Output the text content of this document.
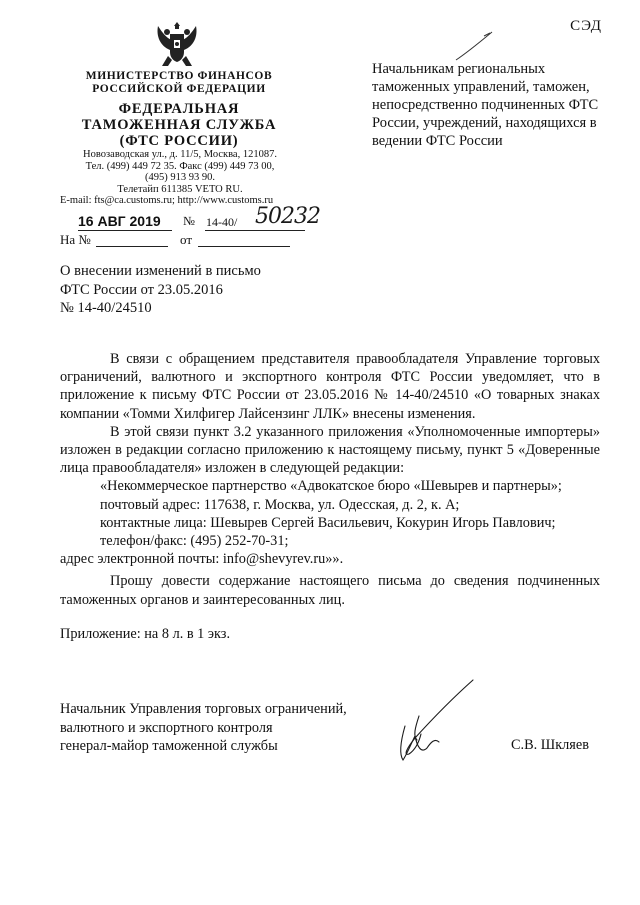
СЭД
МИНИСТЕРСТВО ФИНАНСОВ
РОССИЙСКОЙ ФЕДЕРАЦИИ
ФЕДЕРАЛЬНАЯ
ТАМОЖЕННАЯ СЛУЖБА
(ФТС РОССИИ)
Новозаводская ул., д. 11/5, Москва, 121087.
Тел. (499) 449 72 35. Факс (499) 449 73 00,
(495) 913 93 90.
Телетайп 611385 VETO RU.
E-mail: fts@ca.customs.ru; http://www.customs.ru
16 АВГ 2019	№ 14-40/ 50232
На №	от
Начальникам региональных таможенных управлений, таможен, непосредственно подчиненных ФТС России, учреждений, находящихся в ведении ФТС России
О внесении изменений в письмо
ФТС России от 23.05.2016
№ 14-40/24510

В связи с обращением представителя правообладателя Управление торговых ограничений, валютного и экспортного контроля ФТС России уведомляет, что в приложение к письму ФТС России от 23.05.2016 № 14-40/24510 «О товарных знаках компании «Томми Хилфигер Лайсензинг ЛЛК» внесены изменения.

В этой связи пункт 3.2 указанного приложения «Уполномоченные импортеры» изложен в редакции согласно приложению к настоящему письму, пункт 5 «Доверенные лица правообладателя» изложен в следующей редакции:

«Некоммерческое партнерство «Адвокатское бюро «Шевырев и партнеры»;

почтовый адрес: 117638, г. Москва, ул. Одесская, д. 2, к. А;

контактные лица: Шевырев Сергей Васильевич, Кокурин Игорь Павлович;

телефон/факс: (495) 252-70-31;

адрес электронной почты: info@shevyrev.ru»».

Прошу довести содержание настоящего письма до сведения подчиненных таможенных органов и заинтересованных лиц.

Приложение: на 8 л. в 1 экз.
Начальник Управления торговых ограничений,
валютного и экспортного контроля
генерал-майор таможенной службы	С.В. Шкляев
